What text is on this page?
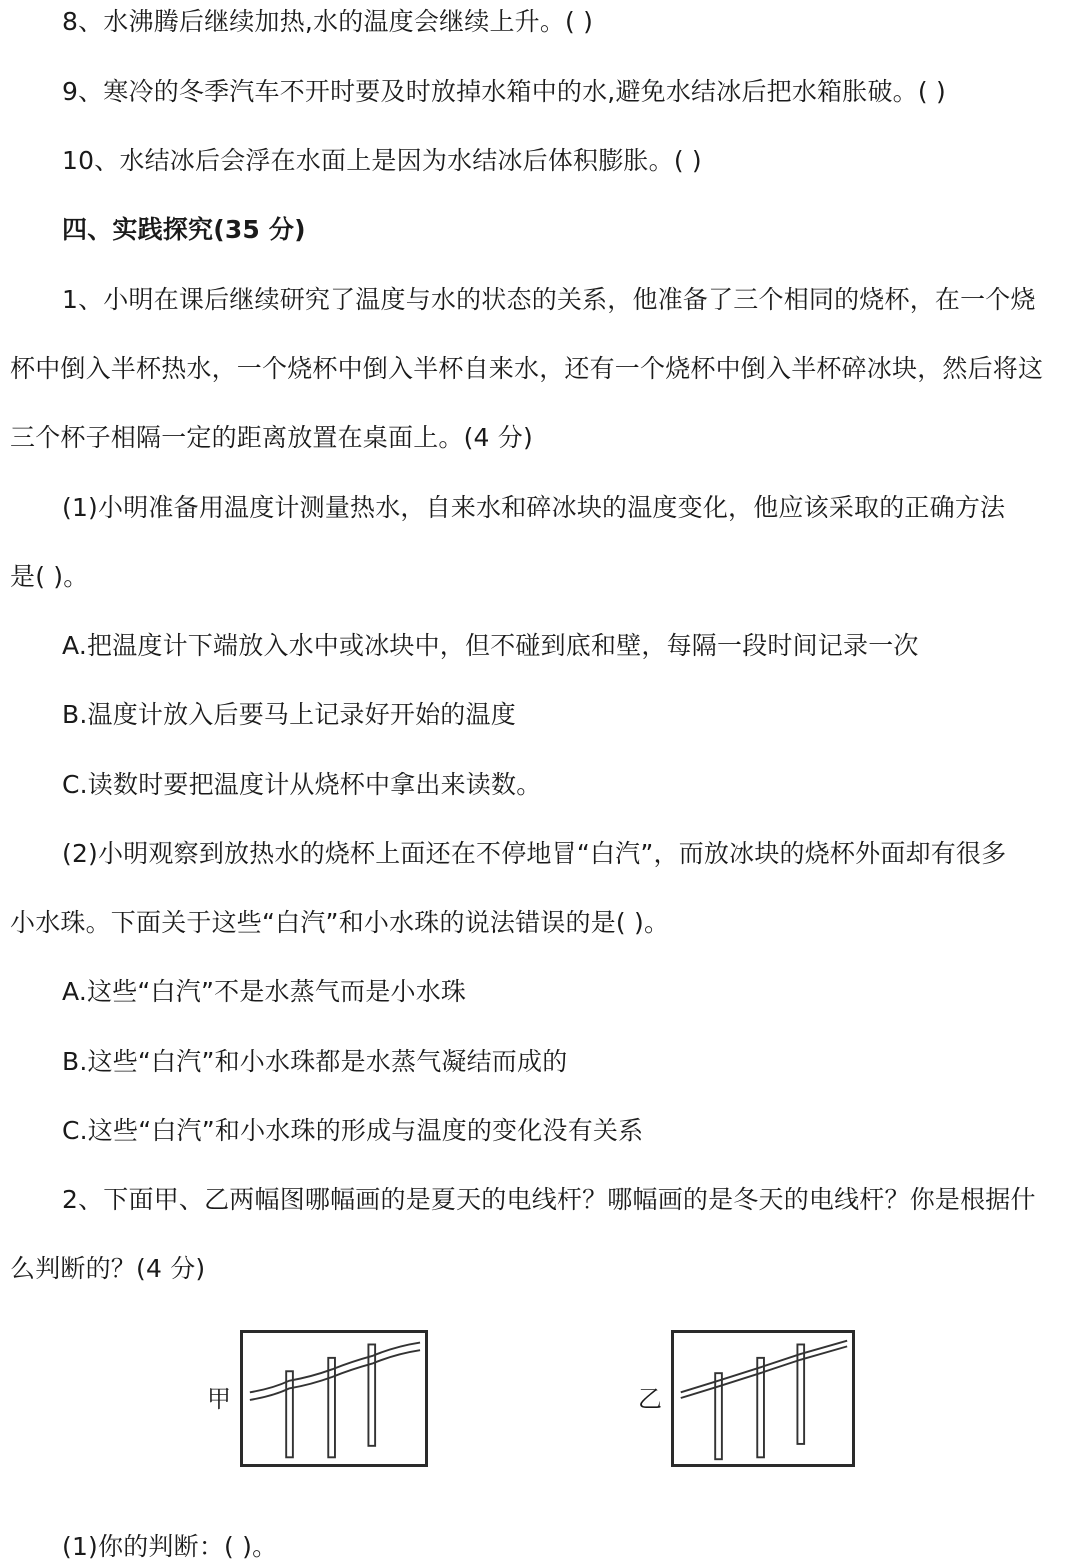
8、水沸腾后继续加热,水的温度会继续上升。( )
9、寒冷的冬季汽车不开时要及时放掉水箱中的水,避免水结冰后把水箱胀破。( )
10、水结冰后会浮在水面上是因为水结冰后体积膨胀。( )
四、实践探究(35 分)
1、小明在课后继续研究了温度与水的状态的关系，他准备了三个相同的烧杯，在一个烧
杯中倒入半杯热水，一个烧杯中倒入半杯自来水，还有一个烧杯中倒入半杯碎冰块，然后将这
三个杯子相隔一定的距离放置在桌面上。(4 分)
(1)小明准备用温度计测量热水，自来水和碎冰块的温度变化，他应该采取的正确方法
是( )。
A.把温度计下端放入水中或冰块中，但不碰到底和壁，每隔一段时间记录一次
B.温度计放入后要马上记录好开始的温度
C.读数时要把温度计从烧杯中拿出来读数。
(2)小明观察到放热水的烧杯上面还在不停地冒“白汽”，而放冰块的烧杯外面却有很多
小水珠。下面关于这些“白汽”和小水珠的说法错误的是( )。
A.这些“白汽”不是水蒸气而是小水珠
B.这些“白汽”和小水珠都是水蒸气凝结而成的
C.这些“白汽”和小水珠的形成与温度的变化没有关系
2、下面甲、乙两幅图哪幅画的是夏天的电线杆？哪幅画的是冬天的电线杆？你是根据什
么判断的？(4 分)
甲	乙
(1)你的判断：( )。
